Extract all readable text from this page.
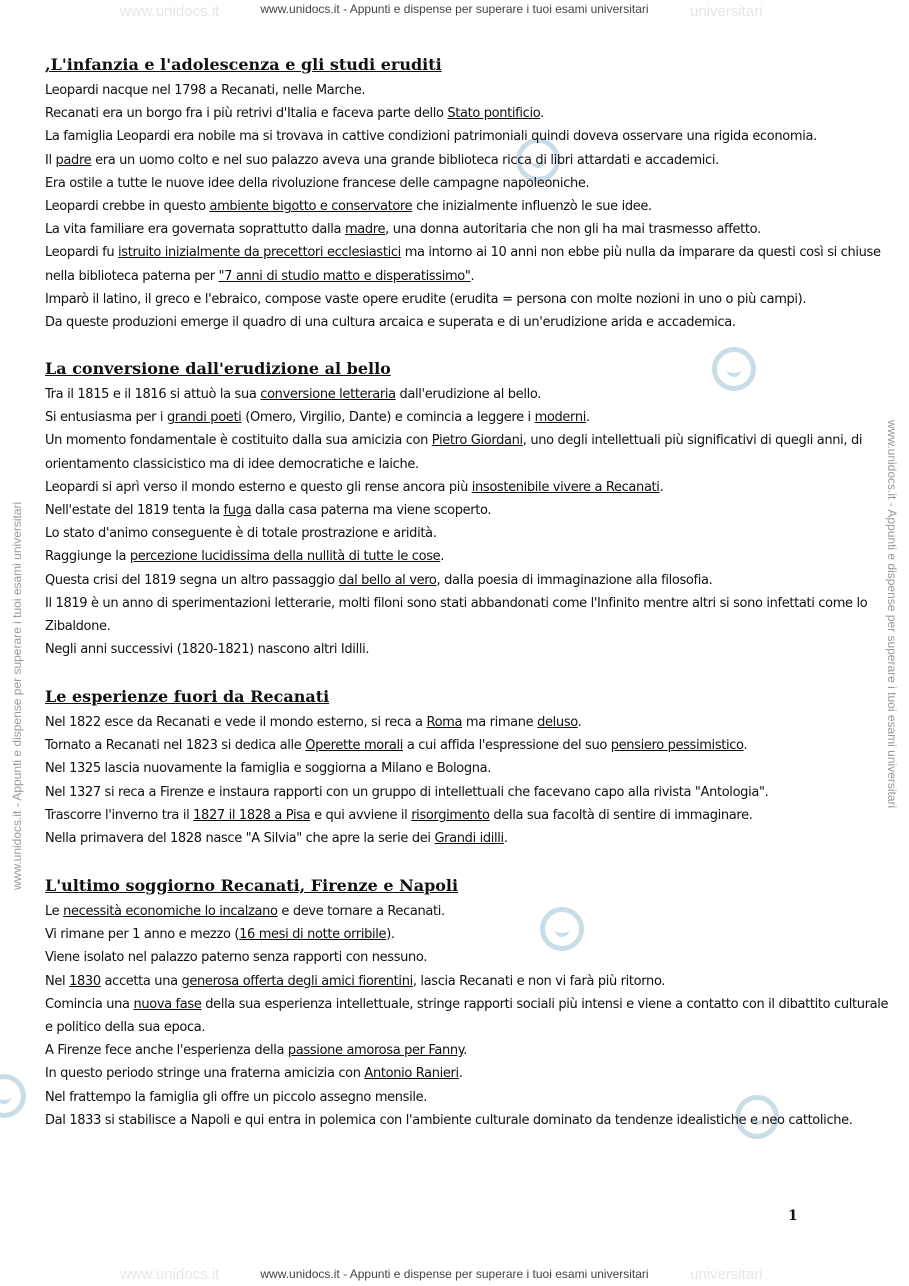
www.unidocs.it - Appunti e dispense per superare i tuoi esami universitari
www.unidocs.it	universitari
www.unidocs.it - Appunti e dispense per superare i tuoi esami universitari
www.unidocs.it	universitari
www.unidocs.it - Appunti e dispense per superare i tuoi esami universitari	www.unidocs.it - Appunti e dispense per superare i tuoi esami universitari
,L'infanzia e l'adolescenza e gli studi eruditi

Leopardi nacque nel 1798 a Recanati, nelle Marche.

Recanati era un borgo fra i più retrivi d'Italia e faceva parte dello Stato pontificio.

La famiglia Leopardi era nobile ma si trovava in cattive condizioni patrimoniali quindi doveva osservare una rigida economia.

Il padre era un uomo colto e nel suo palazzo aveva una grande biblioteca ricca di libri attardati e accademici.

Era ostile a tutte le nuove idee della rivoluzione francese delle campagne napoleoniche.

Leopardi crebbe in questo ambiente bigotto e conservatore che inizialmente influenzò le sue idee.

La vita familiare era governata soprattutto dalla madre, una donna autoritaria che non gli ha mai trasmesso affetto.

Leopardi fu istruito inizialmente da precettori ecclesiastici ma intorno ai 10 anni non ebbe più nulla da imparare da questi così si chiuse nella biblioteca paterna per "7 anni di studio matto e disperatissimo".

Imparò il latino, il greco e l'ebraico, compose vaste opere erudite (erudita = persona con molte nozioni in uno o più campi).

Da queste produzioni emerge il quadro di una cultura arcaica e superata e di un'erudizione arida e accademica.

La conversione dall'erudizione al bello

Tra il 1815 e il 1816 si attuò la sua conversione letteraria dall'erudizione al bello.

Si entusiasma per i grandi poeti (Omero, Virgilio, Dante) e comincia a leggere i moderni.

Un momento fondamentale è costituito dalla sua amicizia con Pietro Giordani, uno degli intellettuali più significativi di quegli anni, di orientamento classicistico ma di idee democratiche e laiche.

Leopardi si aprì verso il mondo esterno e questo gli rense ancora più insostenibile vivere a Recanati.

Nell'estate del 1819 tenta la fuga dalla casa paterna ma viene scoperto.

Lo stato d'animo conseguente è di totale prostrazione e aridità.

Raggiunge la percezione lucidissima della nullità di tutte le cose.

Questa crisi del 1819 segna un altro passaggio dal bello al vero, dalla poesia di immaginazione alla filosofia.

Il 1819 è un anno di sperimentazioni letterarie, molti filoni sono stati abbandonati come l'Infinito mentre altri si sono infettati come lo Zibaldone.

Negli anni successivi (1820-1821) nascono altri Idilli.

Le esperienze fuori da Recanati

Nel 1822 esce da Recanati e vede il mondo esterno, si reca a Roma ma rimane deluso.

Tornato a Recanati nel 1823 si dedica alle Operette morali a cui affida l'espressione del suo pensiero pessimistico.

Nel 1325 lascia nuovamente la famiglia e soggiorna a Milano e Bologna.

Nel 1327 si reca a Firenze e instaura rapporti con un gruppo di intellettuali che facevano capo alla rivista "Antologia".

Trascorre l'inverno tra il 1827 il 1828 a Pisa e qui avviene il risorgimento della sua facoltà di sentire di immaginare.

Nella primavera del 1828 nasce "A Silvia" che apre la serie dei Grandi idilli.

L'ultimo soggiorno Recanati, Firenze e Napoli

Le necessità economiche lo incalzano e deve tornare a Recanati.

Vi rimane per 1 anno e mezzo (16 mesi di notte orribile).

Viene isolato nel palazzo paterno senza rapporti con nessuno.

Nel 1830 accetta una generosa offerta degli amici fiorentini, lascia Recanati e non vi farà più ritorno.

Comincia una nuova fase della sua esperienza intellettuale, stringe rapporti sociali più intensi e viene a contatto con il dibattito culturale e politico della sua epoca.

A Firenze fece anche l'esperienza della passione amorosa per Fanny.

In questo periodo stringe una fraterna amicizia con Antonio Ranieri.

Nel frattempo la famiglia gli offre un piccolo assegno mensile.

Dal 1833 si stabilisce a Napoli e qui entra in polemica con l'ambiente culturale dominato da tendenze idealistiche e neo cattoliche.

1
